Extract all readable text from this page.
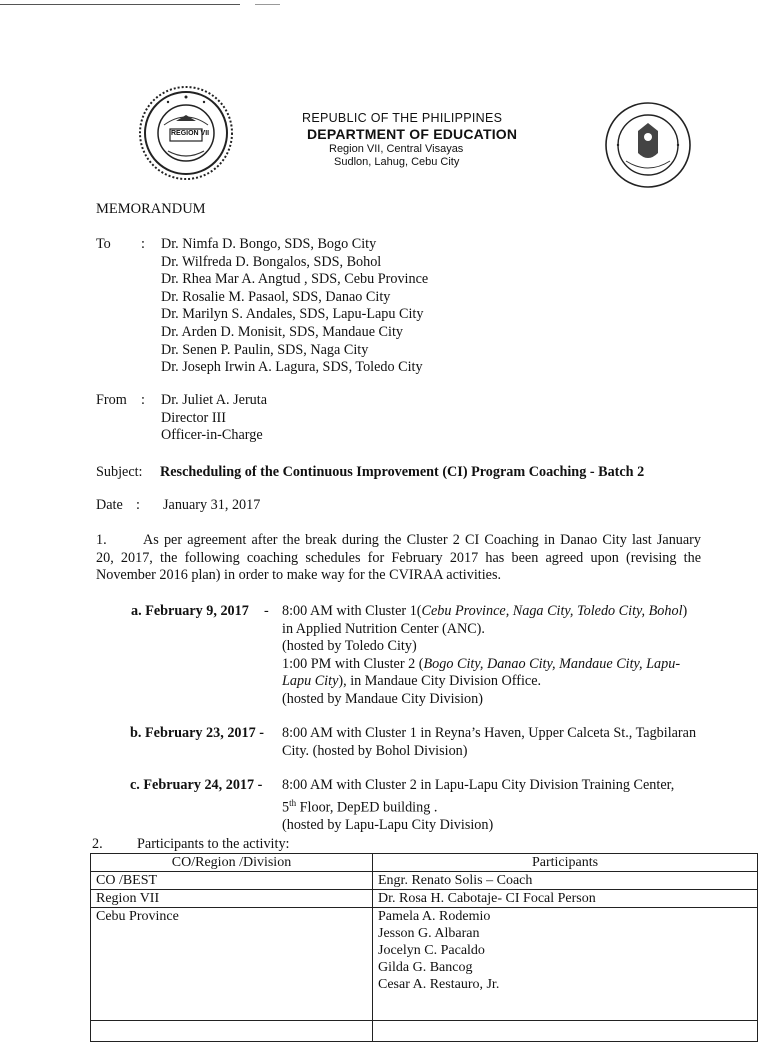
REGION VII
REPUBLIC OF THE PHILIPPINES
DEPARTMENT OF EDUCATION
Region VII, Central Visayas
Sudlon, Lahug, Cebu City
MEMORANDUM
To : Dr. Nimfa D. Bongo, SDS, Bogo City
Dr. Wilfreda D. Bongalos, SDS, Bohol
Dr. Rhea Mar A. Angtud , SDS, Cebu Province
Dr. Rosalie M. Pasaol, SDS, Danao City
Dr. Marilyn S. Andales, SDS, Lapu-Lapu City
Dr. Arden D. Monisit, SDS, Mandaue City
Dr. Senen P. Paulin, SDS, Naga City
Dr. Joseph Irwin A. Lagura, SDS, Toledo City
From : Dr. Juliet A. Jeruta
Director III
Officer-in-Charge
Subject: Rescheduling of the Continuous Improvement (CI) Program Coaching - Batch 2
Date : January 31, 2017
1.	As per agreement after the break during the Cluster 2 CI Coaching in Danao City last January
20, 2017, the following coaching schedules for February 2017 has been agreed upon (revising the
November 2016 plan) in order to make way for the CVIRAA activities.
a. February 9, 2017 - 8:00 AM with Cluster 1(Cebu Province, Naga City, Toledo City, Bohol)
in Applied Nutrition Center (ANC).
(hosted by Toledo City)
1:00 PM with Cluster 2 (Bogo City, Danao City, Mandaue City, Lapu-
Lapu City), in Mandaue City Division Office.
(hosted by Mandaue City Division)
b. February 23, 2017 - 8:00 AM with Cluster 1 in Reyna’s Haven, Upper Calceta St., Tagbilaran
City. (hosted by Bohol Division)
c. February 24, 2017 - 8:00 AM with Cluster 2 in Lapu-Lapu City Division Training Center,
5th Floor, DepED building .
(hosted by Lapu-Lapu City Division)
2. Participants to the activity:
CO/Region /Division	Participants
CO /BEST	Engr. Renato Solis – Coach
Region VII	Dr. Rosa H. Cabotaje- CI Focal Person
Cebu Province	Pamela A. Rodemio
Jesson G. Albaran
Jocelyn C. Pacaldo
Gilda G. Bancog
Cesar A. Restauro, Jr.
